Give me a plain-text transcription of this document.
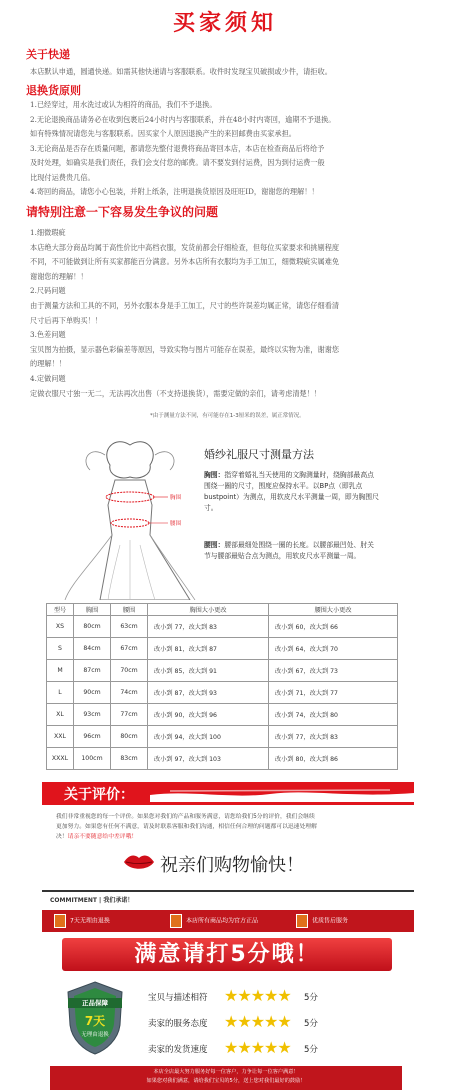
买家须知
关于快递
本店默认申通，圆通快递。如需其他快递请与客服联系。收件时发现宝贝破损或少件，请拒收。
退换货原则
1.已经穿过，用水洗过或认为相符的商品，我们不予退换。
2.无论退换商品请务必在收到包裹后24小时内与客服联系，并在48小时内寄回，逾期不予退换。
如有特殊情况请您先与客服联系。因买家个人原因退换产生的来回邮费由买家承担。
3.无论商品是否存在质量问题，都请您先整付退费将商品寄回本店，本店在检查商品后将给予
及时处理，如确实是我们责任，我们会支付您的邮费。请不要发到付运费，因为到付运费一般
比现付运费贵几倍。
4.寄回的商品，请您小心包装，并附上纸条，注明退换货原因及旺旺ID，谢谢您的理解！！
请特别注意一下容易发生争议的问题
1.细微瑕疵
本店绝大部分商品均属于高性价比中高档衣服，发货前都会仔细检查，但每位买家要求和挑剔程度
不同，不可能做到让所有买家都能百分满意。另外本店所有衣服均为手工加工，细微瑕疵实属难免
谢谢您的理解！！
2.尺码问题
由于测量方法和工具的不同，另外衣服本身是手工加工，尺寸的些许误差均属正常，请您仔细看清
尺寸后再下单购买！！
3.色差问题
宝贝图为拍摄，显示器色彩偏差等原因，导致实物与图片可能存在误差，最终以实物为准，谢谢您
的理解！！
4.定做问题
定做衣服尺寸独一无二，无法再次出售（不支持退换货），需要定做的亲们，请考虑清楚！！
*由于测量方法不同，有可能存在1-3厘米的误差，属正常情况。
胸围
腰围
婚纱礼服尺寸测量方法
胸围：指穿着婚礼当天使用的文胸测量时，绕胸部最高点围绕一圈的尺寸，围度应保持水平。以BP点（即乳点bustpoint）为测点，用软皮尺水平测量一周，即为胸围尺寸。
腰围：腰部最细处围绕一圈的长度。以腰部最凹处、肘关节与腰部最贴合点为测点，用软皮尺水平测量一周。
型号	胸围	腰围	胸围大小更改	腰围大小更改
XS	80cm	63cm	改小到 77，改大到 83	改小到 60，改大到 66
S	84cm	67cm	改小到 81，改大到 87	改小到 64，改大到 70
M	87cm	70cm	改小到 85，改大到 91	改小到 67，改大到 73
L	90cm	74cm	改小到 87，改大到 93	改小到 71，改大到 77
XL	93cm	77cm	改小到 90，改大到 96	改小到 74，改大到 80
XXL	96cm	80cm	改小到 94，改大到 100	改小到 77，改大到 83
XXXL	100cm	83cm	改小到 97，改大到 103	改小到 80，改大到 86
关于评价：
我们非常重视您的每一个评价。如果您对我们的产品和服务满意，请您给我们5分的评价，我们会继续
更加努力。如果您有任何不满意，请及时联系客服和我们沟通，相信任何合理的问题都可以迅速处理解
决！请亲不要随意给中差评哦！
祝亲们购物愉快！
COMMITMENT | 我们承诺！
7天无理由退换	本店所有商品均为官方正品	优质售后服务
满意请打5分哦！
正品保障
7天
无理由退换
宝贝与描述相符 ★★★★★ 5分
卖家的服务态度 ★★★★★ 5分
卖家的发货速度 ★★★★★ 5分
本店全店最大努力服务好每一位客户，力争让每一位客户满意！
如果您对我们满意，请给我们宝贝的5分，送上您对我们最好的鼓励！
